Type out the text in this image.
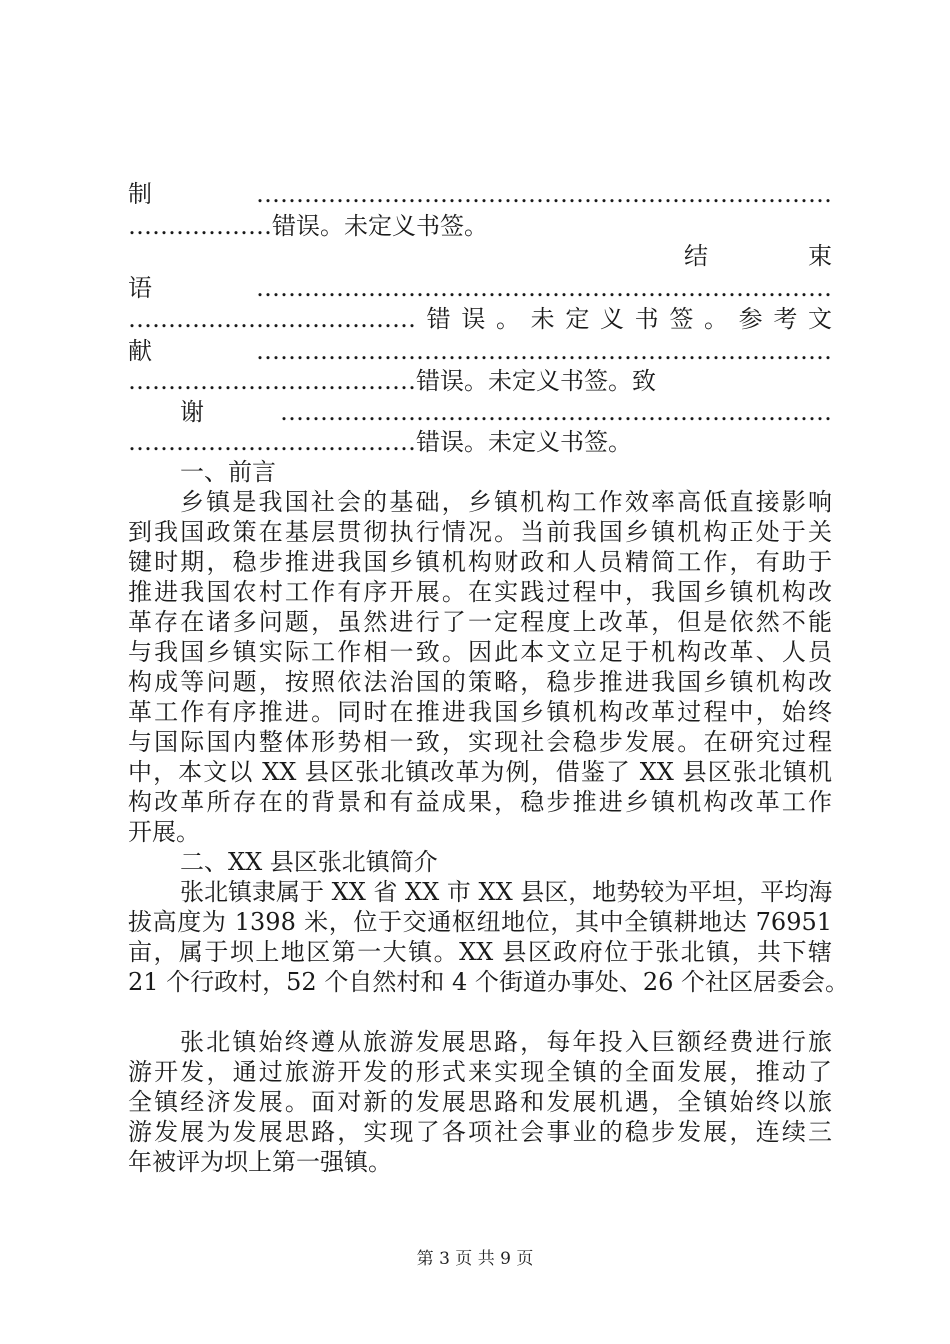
制………………………………………………………………
………………错误。未定义书签。
结　　　　束
语………………………………………………………………
………………………………错误。未定义书签。参考文
献………………………………………………………………
………………………………错误。未定义书签。致
谢……………………………………………………………
………………………………错误。未定义书签。
一、前言
乡镇是我国社会的基础，乡镇机构工作效率高低直接影响
到我国政策在基层贯彻执行情况。当前我国乡镇机构正处于关
键时期，稳步推进我国乡镇机构财政和人员精简工作，有助于
推进我国农村工作有序开展。在实践过程中，我国乡镇机构改
革存在诸多问题，虽然进行了一定程度上改革，但是依然不能
与我国乡镇实际工作相一致。因此本文立足于机构改革、人员
构成等问题，按照依法治国的策略，稳步推进我国乡镇机构改
革工作有序推进。同时在推进我国乡镇机构改革过程中，始终
与国际国内整体形势相一致，实现社会稳步发展。在研究过程
中，本文以 XX 县区张北镇改革为例，借鉴了 XX 县区张北镇机
构改革所存在的背景和有益成果，稳步推进乡镇机构改革工作
开展。
二、XX 县区张北镇简介
张北镇隶属于 XX 省 XX 市 XX 县区，地势较为平坦，平均海
拔高度为 1398 米，位于交通枢纽地位，其中全镇耕地达 76951
亩，属于坝上地区第一大镇。XX 县区政府位于张北镇，共下辖
21 个行政村，52 个自然村和 4 个街道办事处、26 个社区居委会。
张北镇始终遵从旅游发展思路，每年投入巨额经费进行旅
游开发，通过旅游开发的形式来实现全镇的全面发展，推动了
全镇经济发展。面对新的发展思路和发展机遇，全镇始终以旅
游发展为发展思路，实现了各项社会事业的稳步发展，连续三
年被评为坝上第一强镇。
第 3 页 共 9 页
